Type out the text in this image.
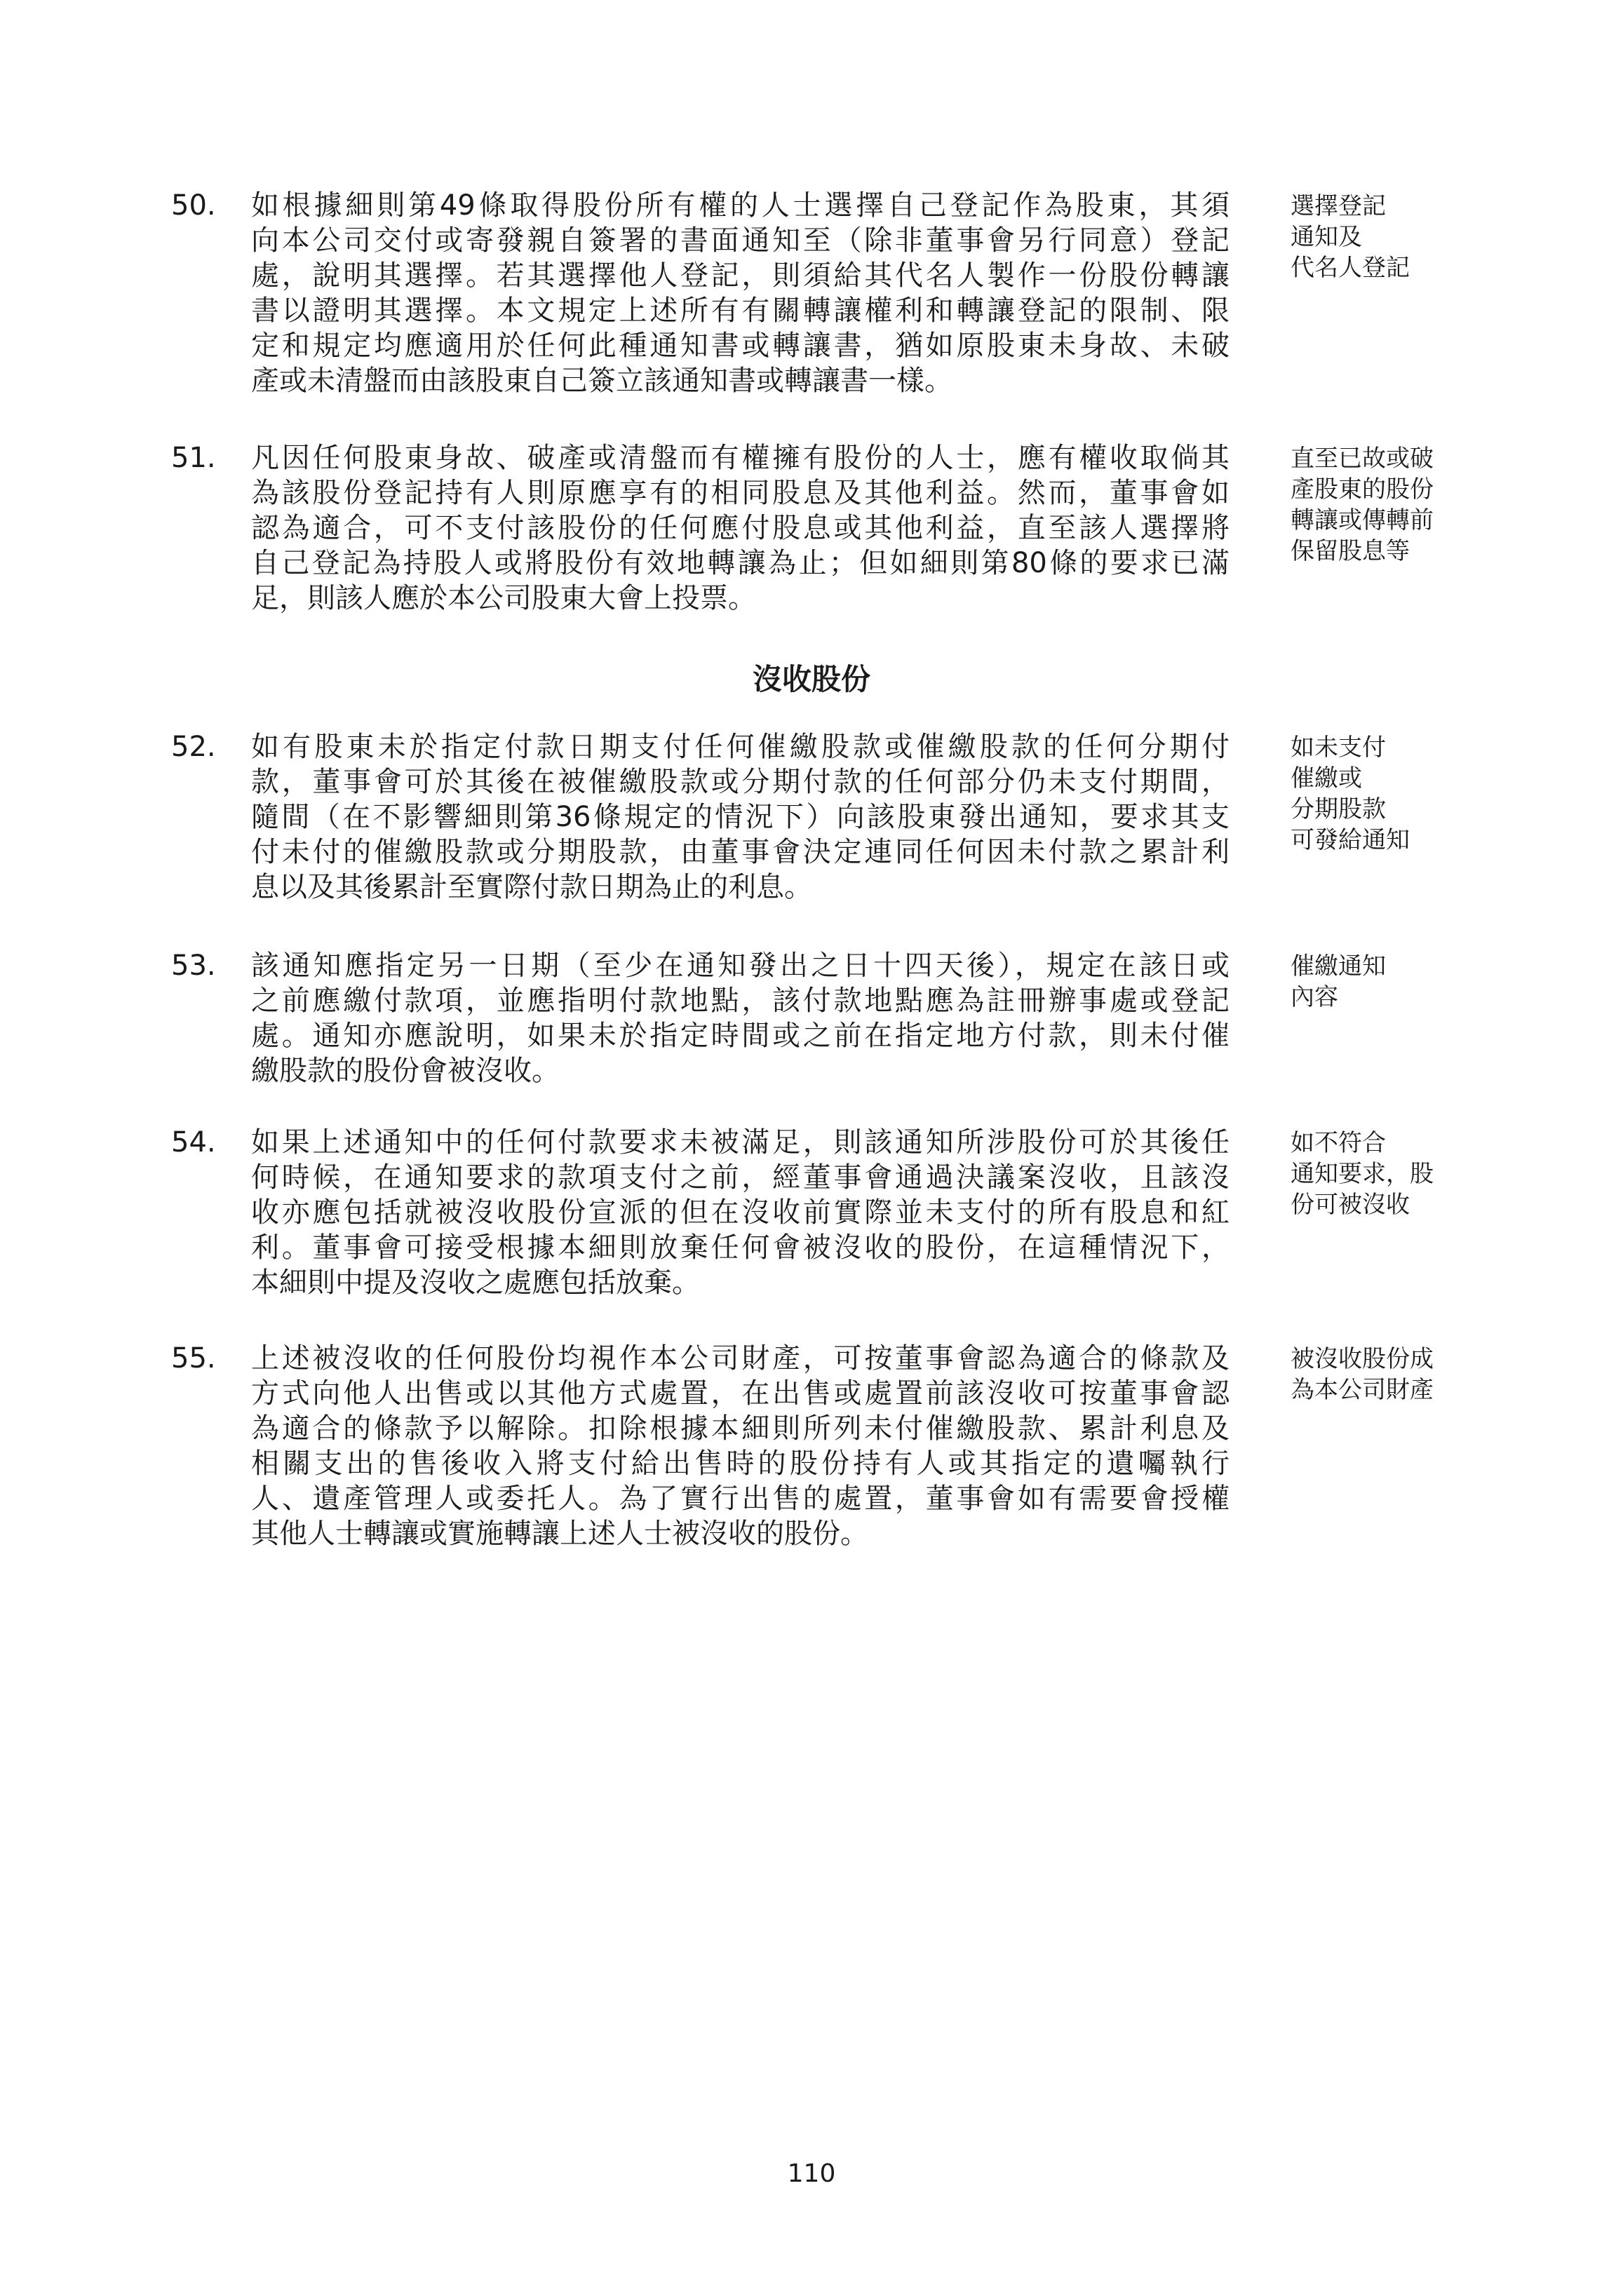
50. 如根據細則第49條取得股份所有權的人士選擇自己登記作為股東，其須
向本公司交付或寄發親自簽署的書面通知至（除非董事會另行同意）登記
處，說明其選擇。若其選擇他人登記，則須給其代名人製作一份股份轉讓
書以證明其選擇。本文規定上述所有有關轉讓權利和轉讓登記的限制、限
定和規定均應適用於任何此種通知書或轉讓書，猶如原股東未身故、未破
產或未清盤而由該股東自己簽立該通知書或轉讓書一樣。
選擇登記
通知及
代名人登記
51. 凡因任何股東身故、破產或清盤而有權擁有股份的人士，應有權收取倘其
為該股份登記持有人則原應享有的相同股息及其他利益。然而，董事會如
認為適合，可不支付該股份的任何應付股息或其他利益，直至該人選擇將
自己登記為持股人或將股份有效地轉讓為止；但如細則第80條的要求已滿
足，則該人應於本公司股東大會上投票。
直至已故或破
產股東的股份
轉讓或傳轉前
保留股息等
沒收股份
52. 如有股東未於指定付款日期支付任何催繳股款或催繳股款的任何分期付
款，董事會可於其後在被催繳股款或分期付款的任何部分仍未支付期間，
隨間（在不影響細則第36條規定的情況下）向該股東發出通知，要求其支
付未付的催繳股款或分期股款，由董事會決定連同任何因未付款之累計利
息以及其後累計至實際付款日期為止的利息。
如未支付
催繳或
分期股款
可發給通知
53. 該通知應指定另一日期（至少在通知發出之日十四天後），規定在該日或
之前應繳付款項，並應指明付款地點，該付款地點應為註冊辦事處或登記
處。通知亦應說明，如果未於指定時間或之前在指定地方付款，則未付催
繳股款的股份會被沒收。
催繳通知
內容
54. 如果上述通知中的任何付款要求未被滿足，則該通知所涉股份可於其後任
何時候，在通知要求的款項支付之前，經董事會通過決議案沒收，且該沒
收亦應包括就被沒收股份宣派的但在沒收前實際並未支付的所有股息和紅
利。董事會可接受根據本細則放棄任何會被沒收的股份，在這種情況下，
本細則中提及沒收之處應包括放棄。
如不符合
通知要求，股
份可被沒收
55. 上述被沒收的任何股份均視作本公司財產，可按董事會認為適合的條款及
方式向他人出售或以其他方式處置，在出售或處置前該沒收可按董事會認
為適合的條款予以解除。扣除根據本細則所列未付催繳股款、累計利息及
相關支出的售後收入將支付給出售時的股份持有人或其指定的遺囑執行
人、遺產管理人或委托人。為了實行出售的處置，董事會如有需要會授權
其他人士轉讓或實施轉讓上述人士被沒收的股份。
被沒收股份成
為本公司財產
110
